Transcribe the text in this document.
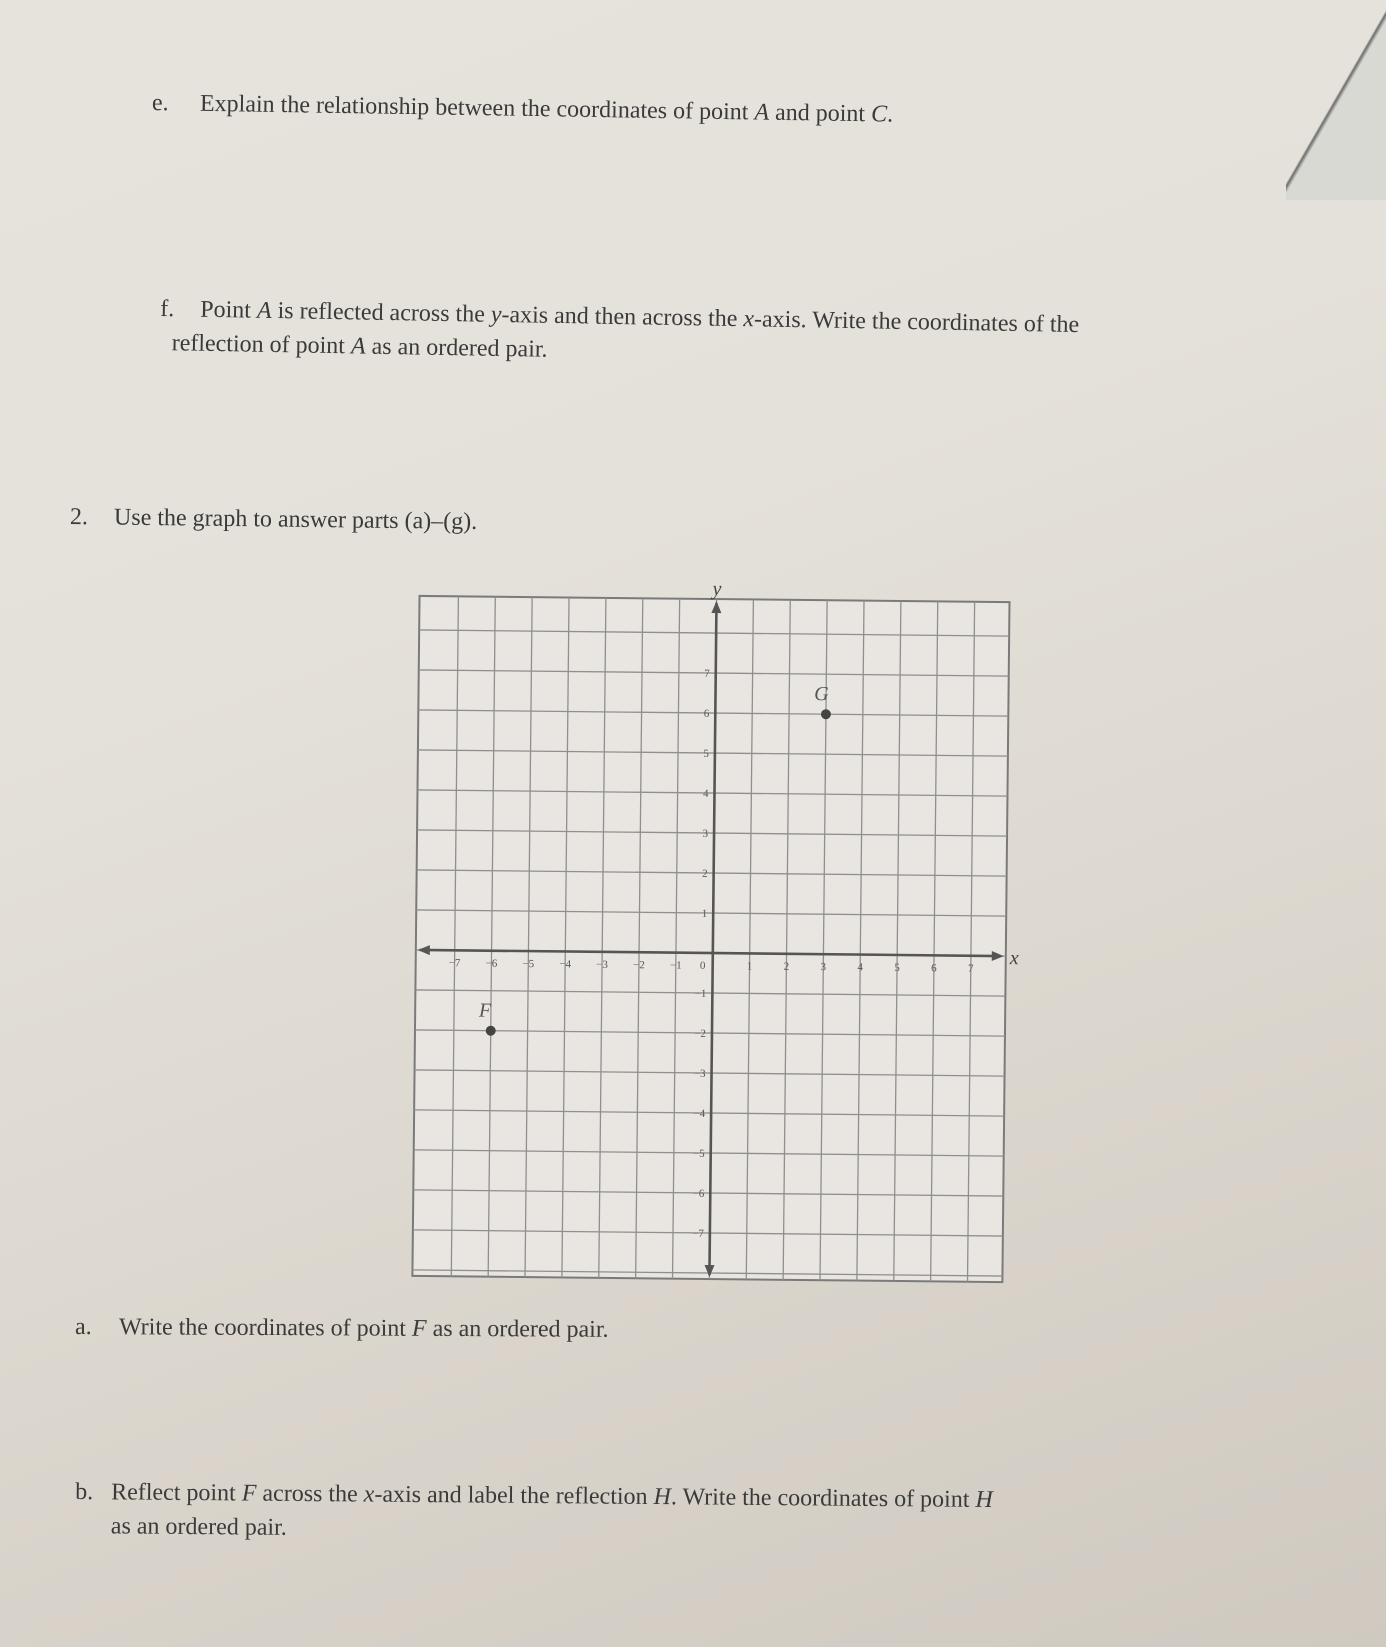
e. Explain the relationship between the coordinates of point A and point C.
f. Point A is reflected across the y-axis and then across the x-axis. Write the coordinates of the
reflection of point A as an ordered pair.
2. Use the graph to answer parts (a)–(g).
−7 −6 −5 −4 −3 −2 −1 0	1	2	3	4	5	6	7
−7
−6
−5
−4
−3
−2
−1
1
2
3
4
5
6
7
G
F
y
x
a. Write the coordinates of point F as an ordered pair.
b. Reflect point F across the x-axis and label the reflection H. Write the coordinates of point H
as an ordered pair.
